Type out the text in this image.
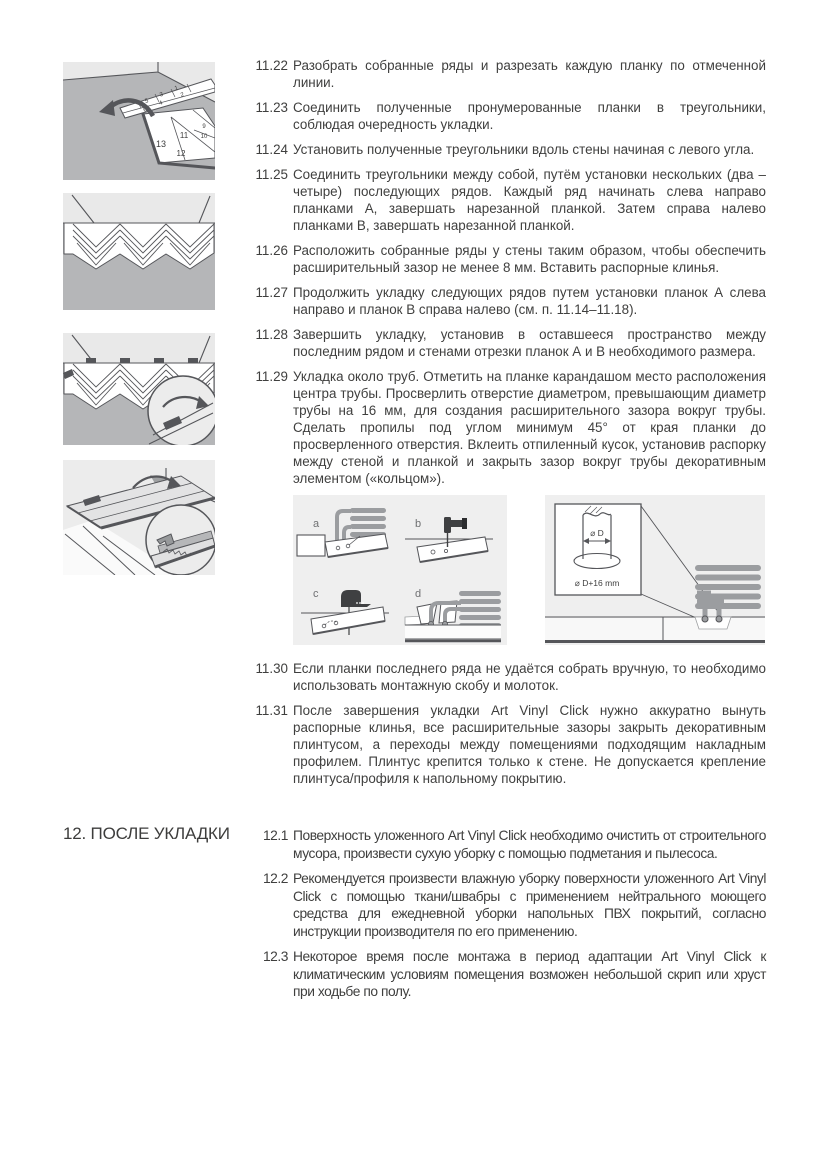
5
3
1
6
4
2
13
11
12
9
10
11.22 Разобрать собранные ряды и разрезать каждую планку по отмеченной линии.
11.23 Соединить полученные пронумерованные планки в треугольники, соблюдая очередность укладки.
11.24 Установить полученные треугольники вдоль стены начиная с левого угла.
11.25 Соединить треугольники между собой, путём установки нескольких (два – четыре) последующих рядов. Каждый ряд начинать слева направо планками А, завершать нарезанной планкой. Затем справа налево планками В, завершать нарезанной планкой.
11.26 Расположить собранные ряды у стены таким образом, чтобы обеспечить расширительный зазор не менее 8 мм. Вставить распорные клинья.
11.27 Продолжить укладку следующих рядов путем установки планок А слева направо и планок В справа налево (см. п. 11.14–11.18).
11.28 Завершить укладку, установив в оставшееся пространство между последним рядом и стенами отрезки планок А и В необходимого размера.
11.29 Укладка около труб. Отметить на планке карандашом место расположения центра трубы. Просверлить отверстие диаметром, превышающим диаметр трубы на 16 мм, для создания расширительного зазора вокруг трубы. Сделать пропилы под углом минимум 45° от края планки до просверленного отверстия. Вклеить отпиленный кусок, установив распорку между стеной и планкой и закрыть зазор вокруг трубы декоративным элементом («кольцом»).
a	b
c	d
⌀ D
⌀ D+16 mm
11.30 Если планки последнего ряда не удаётся собрать вручную, то необходимо использовать монтажную скобу и молоток.
11.31 После завершения укладки Art Vinyl Click нужно аккуратно вынуть распорные клинья, все расширительные зазоры закрыть декоративным плинтусом, а переходы между помещениями подходящим накладным профилем. Плинтус крепится только к стене. Не допускается крепление плинтуса/профиля к напольному покрытию.
12. ПОСЛЕ УКЛАДКИ	12.1 Поверхность уложенного Art Vinyl Click необходимо очистить от строительного мусора, произвести сухую уборку с помощью подметания и пылесоса.
12.2 Рекомендуется произвести влажную уборку поверхности уложенного Art Vinyl Click с помощью ткани/швабры с применением нейтрального моющего средства для ежедневной уборки напольных ПВХ покрытий, согласно инструкции производителя по его применению.
12.3 Некоторое время после монтажа в период адаптации Art Vinyl Click к климатическим условиям помещения возможен небольшой скрип или хруст при ходьбе по полу.
